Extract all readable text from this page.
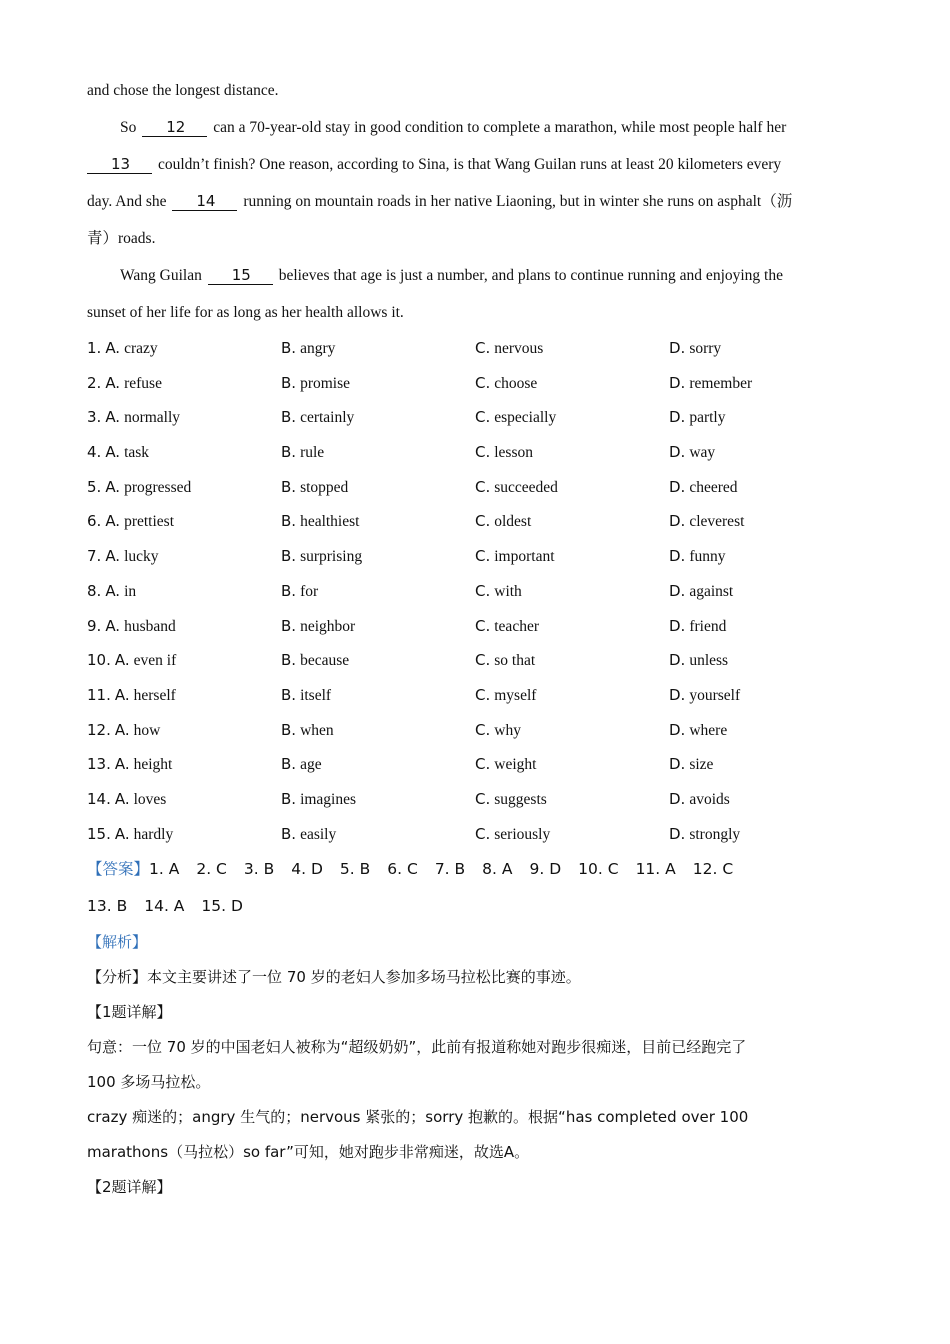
and chose the longest distance.
So 12 can a 70-year-old stay in good condition to complete a marathon, while most people half her
13 couldn’t finish? One reason, according to Sina, is that Wang Guilan runs at least 20 kilometers every
day. And she 14 running on mountain roads in her native Liaoning, but in winter she runs on asphalt（沥
青）roads.
Wang Guilan 15 believes that age is just a number, and plans to continue running and enjoying the
sunset of her life for as long as her health allows it.
1. A. crazy	B. angry	C. nervous	D. sorry
2. A. refuse	B. promise	C. choose	D. remember
3. A. normally	B. certainly	C. especially	D. partly
4. A. task	B. rule	C. lesson	D. way
5. A. progressed	B. stopped	C. succeeded	D. cheered
6. A. prettiest	B. healthiest	C. oldest	D. cleverest
7. A. lucky	B. surprising	C. important	D. funny
8. A. in	B. for	C. with	D. against
9. A. husband	B. neighbor	C. teacher	D. friend
10. A. even if	B. because	C. so that	D. unless
11. A. herself	B. itself	C. myself	D. yourself
12. A. how	B. when	C. why	D. where
13. A. height	B. age	C. weight	D. size
14. A. loves	B. imagines	C. suggests	D. avoids
15. A. hardly	B. easily	C. seriously	D. strongly
【答案】1. A 2. C 3. B 4. D 5. B 6. C 7. B 8. A 9. D 10. C 11. A 12. C
13. B 14. A 15. D
【解析】
【分析】本文主要讲述了一位 70 岁的老妇人参加多场马拉松比赛的事迹。
【1题详解】
句意：一位 70 岁的中国老妇人被称为“超级奶奶”，此前有报道称她对跑步很痴迷，目前已经跑完了
100 多场马拉松。
crazy 痴迷的；angry 生气的；nervous 紧张的；sorry 抱歉的。根据“has completed over 100
marathons（马拉松）so far”可知，她对跑步非常痴迷，故选A。
【2题详解】
